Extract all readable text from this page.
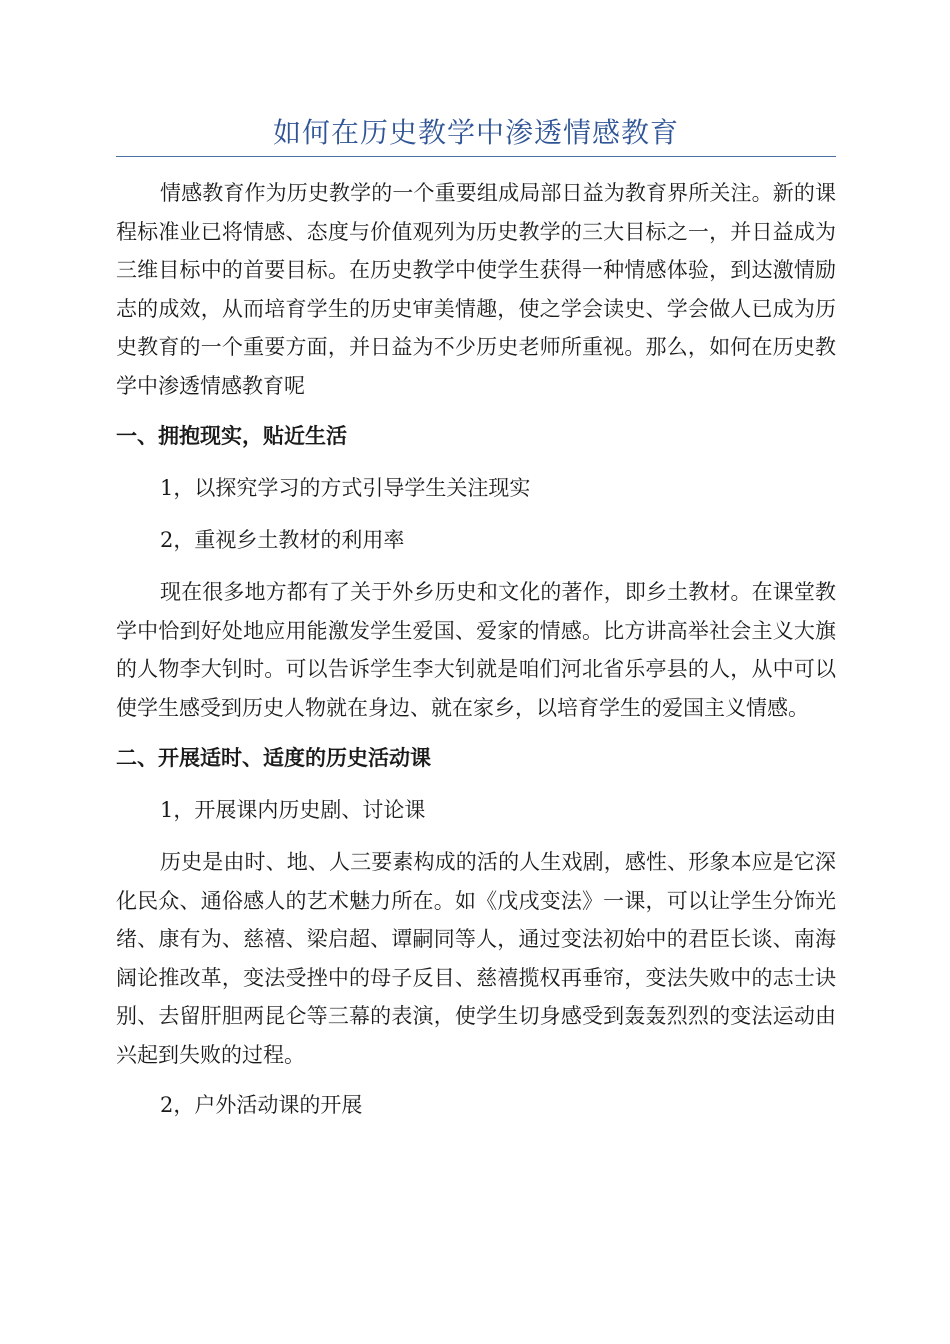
如何在历史教学中渗透情感教育

情感教育作为历史教学的一个重要组成局部日益为教育界所关注。新的课程标准业已将情感、态度与价值观列为历史教学的三大目标之一，并日益成为三维目标中的首要目标。在历史教学中使学生获得一种情感体验，到达激情励志的成效，从而培育学生的历史审美情趣，使之学会读史、学会做人已成为历史教育的一个重要方面，并日益为不少历史老师所重视。那么，如何在历史教学中渗透情感教育呢

一、拥抱现实，贴近生活
1，以探究学习的方式引导学生关注现实
2，重视乡土教材的利用率

现在很多地方都有了关于外乡历史和文化的著作，即乡土教材。在课堂教学中恰到好处地应用能激发学生爱国、爱家的情感。比方讲高举社会主义大旗的人物李大钊时。可以告诉学生李大钊就是咱们河北省乐亭县的人，从中可以使学生感受到历史人物就在身边、就在家乡，以培育学生的爱国主义情感。

二、开展适时、适度的历史活动课
1，开展课内历史剧、讨论课

历史是由时、地、人三要素构成的活的人生戏剧，感性、形象本应是它深化民众、通俗感人的艺术魅力所在。如《戊戌变法》一课，可以让学生分饰光绪、康有为、慈禧、梁启超、谭嗣同等人，通过变法初始中的君臣长谈、南海阔论推改革，变法受挫中的母子反目、慈禧揽权再垂帘，变法失败中的志士诀别、去留肝胆两昆仑等三幕的表演，使学生切身感受到轰轰烈烈的变法运动由兴起到失败的过程。

2，户外活动课的开展
